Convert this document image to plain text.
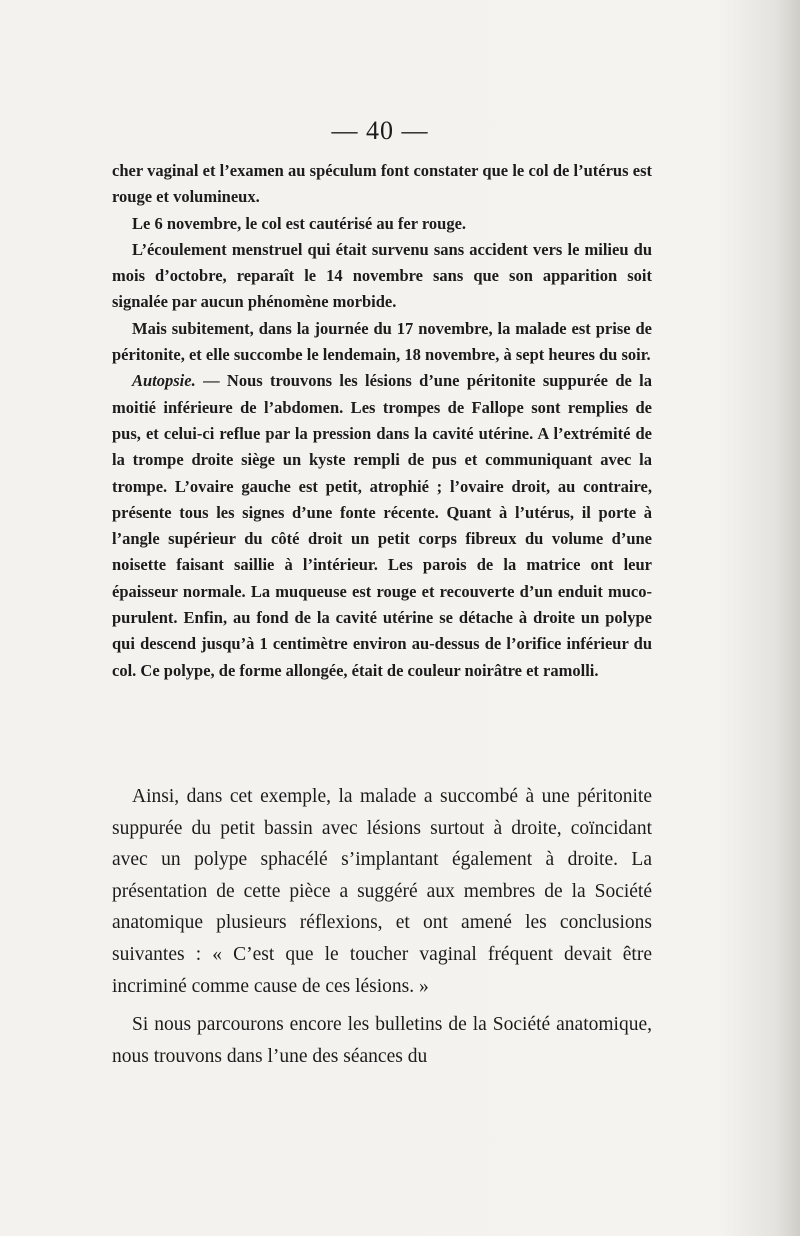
— 40 —

cher vaginal et l’examen au spéculum font constater que le col de l’utérus est rouge et volumineux.

Le 6 novembre, le col est cautérisé au fer rouge.

L’écoulement menstruel qui était survenu sans accident vers le milieu du mois d’octobre, reparaît le 14 novembre sans que son apparition soit signalée par aucun phénomène morbide.

Mais subitement, dans la journée du 17 novembre, la malade est prise de péritonite, et elle succombe le lendemain, 18 novembre, à sept heures du soir.

Autopsie. — Nous trouvons les lésions d’une péritonite suppurée de la moitié inférieure de l’abdomen. Les trompes de Fallope sont remplies de pus, et celui-ci reflue par la pression dans la cavité utérine. A l’extrémité de la trompe droite siège un kyste rempli de pus et communiquant avec la trompe. L’ovaire gauche est petit, atrophié ; l’ovaire droit, au contraire, présente tous les signes d’une fonte récente. Quant à l’utérus, il porte à l’angle supérieur du côté droit un petit corps fibreux du volume d’une noisette faisant saillie à l’intérieur. Les parois de la matrice ont leur épaisseur normale. La muqueuse est rouge et recouverte d’un enduit muco-purulent. Enfin, au fond de la cavité utérine se détache à droite un polype qui descend jusqu’à 1 centimètre environ au-dessus de l’orifice inférieur du col. Ce polype, de forme allongée, était de couleur noirâtre et ramolli.

Ainsi, dans cet exemple, la malade a succombé à une péritonite suppurée du petit bassin avec lésions surtout à droite, coïncidant avec un polype sphacélé s’implantant également à droite. La présentation de cette pièce a suggéré aux membres de la Société anatomique plusieurs réflexions, et ont amené les conclusions suivantes : « C’est que le toucher vaginal fréquent devait être incriminé comme cause de ces lésions. »

Si nous parcourons encore les bulletins de la Société anatomique, nous trouvons dans l’une des séances du
